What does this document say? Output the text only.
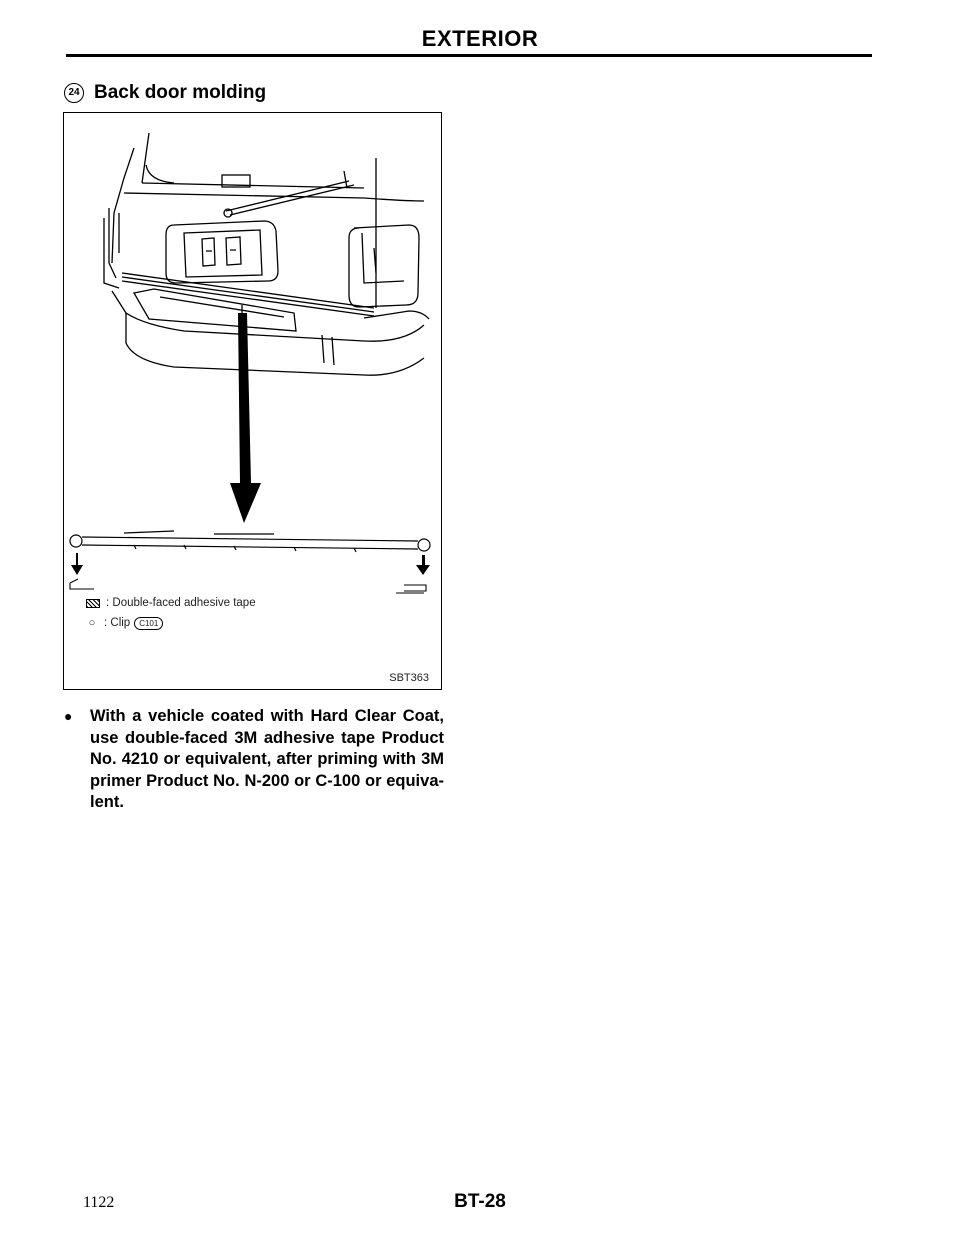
EXTERIOR
24 Back door molding
: Double-faced adhesive tape
○ : Clip	C101
SBT363
●	With a vehicle coated with Hard Clear Coat, use double-faced 3M adhesive tape Product No. 4210 or equivalent, after priming with 3M primer Product No. N-200 or C-100 or equivalent.
1122	BT-28
